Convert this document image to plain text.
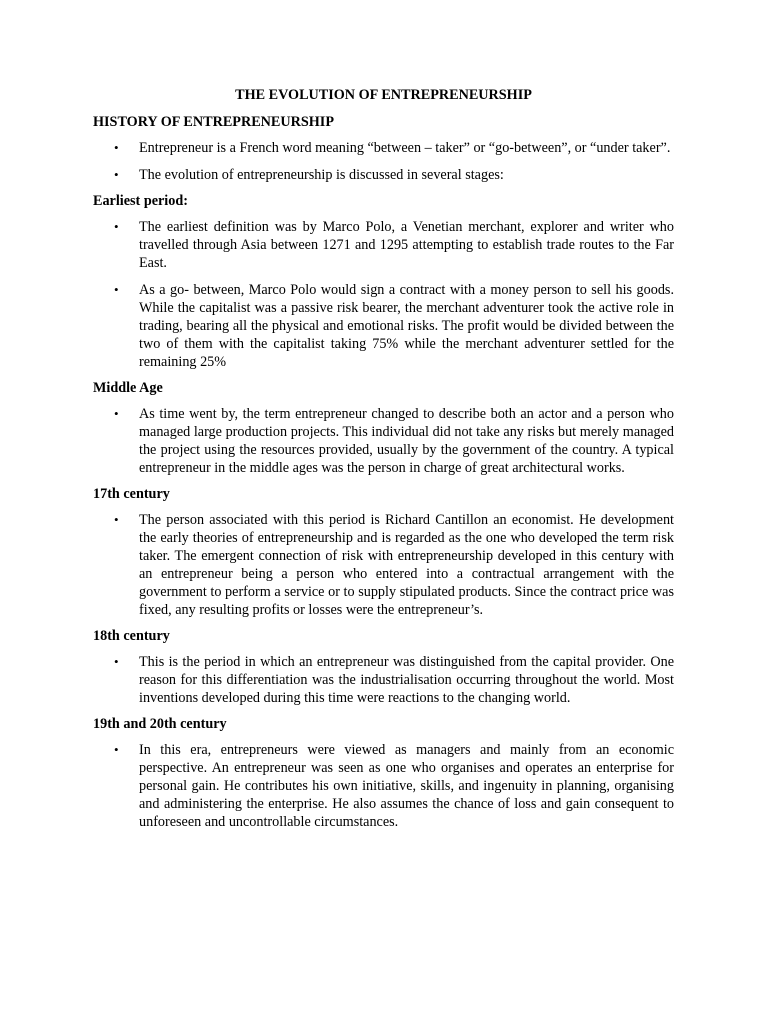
THE EVOLUTION OF ENTREPRENEURSHIP
HISTORY OF ENTREPRENEURSHIP
• Entrepreneur is a French word meaning “between – taker” or “go-between”, or “under taker”.
• The evolution of entrepreneurship is discussed in several stages:
Earliest period:
• The earliest definition was by Marco Polo, a Venetian merchant, explorer and writer who travelled through Asia between 1271 and 1295 attempting to establish trade routes to the Far East.
• As a go- between, Marco Polo would sign a contract with a money person to sell his goods. While the capitalist was a passive risk bearer, the merchant adventurer took the active role in trading, bearing all the physical and emotional risks. The profit would be divided between the two of them with the capitalist taking 75% while the merchant adventurer settled for the remaining 25%
Middle Age
• As time went by, the term entrepreneur changed to describe both an actor and a person who managed large production projects. This individual did not take any risks but merely managed the project using the resources provided, usually by the government of the country. A typical entrepreneur in the middle ages was the person in charge of great architectural works.
17th century
• The person associated with this period is Richard Cantillon an economist. He development the early theories of entrepreneurship and is regarded as the one who developed the term risk taker. The emergent connection of risk with entrepreneurship developed in this century with an entrepreneur being a person who entered into a contractual arrangement with the government to perform a service or to supply stipulated products. Since the contract price was fixed, any resulting profits or losses were the entrepreneur’s.
18th century
• This is the period in which an entrepreneur was distinguished from the capital provider. One reason for this differentiation was the industrialisation occurring throughout the world. Most inventions developed during this time were reactions to the changing world.
19th and 20th century
• In this era, entrepreneurs were viewed as managers and mainly from an economic perspective. An entrepreneur was seen as one who organises and operates an enterprise for personal gain. He contributes his own initiative, skills, and ingenuity in planning, organising and administering the enterprise. He also assumes the chance of loss and gain consequent to unforeseen and uncontrollable circumstances.
